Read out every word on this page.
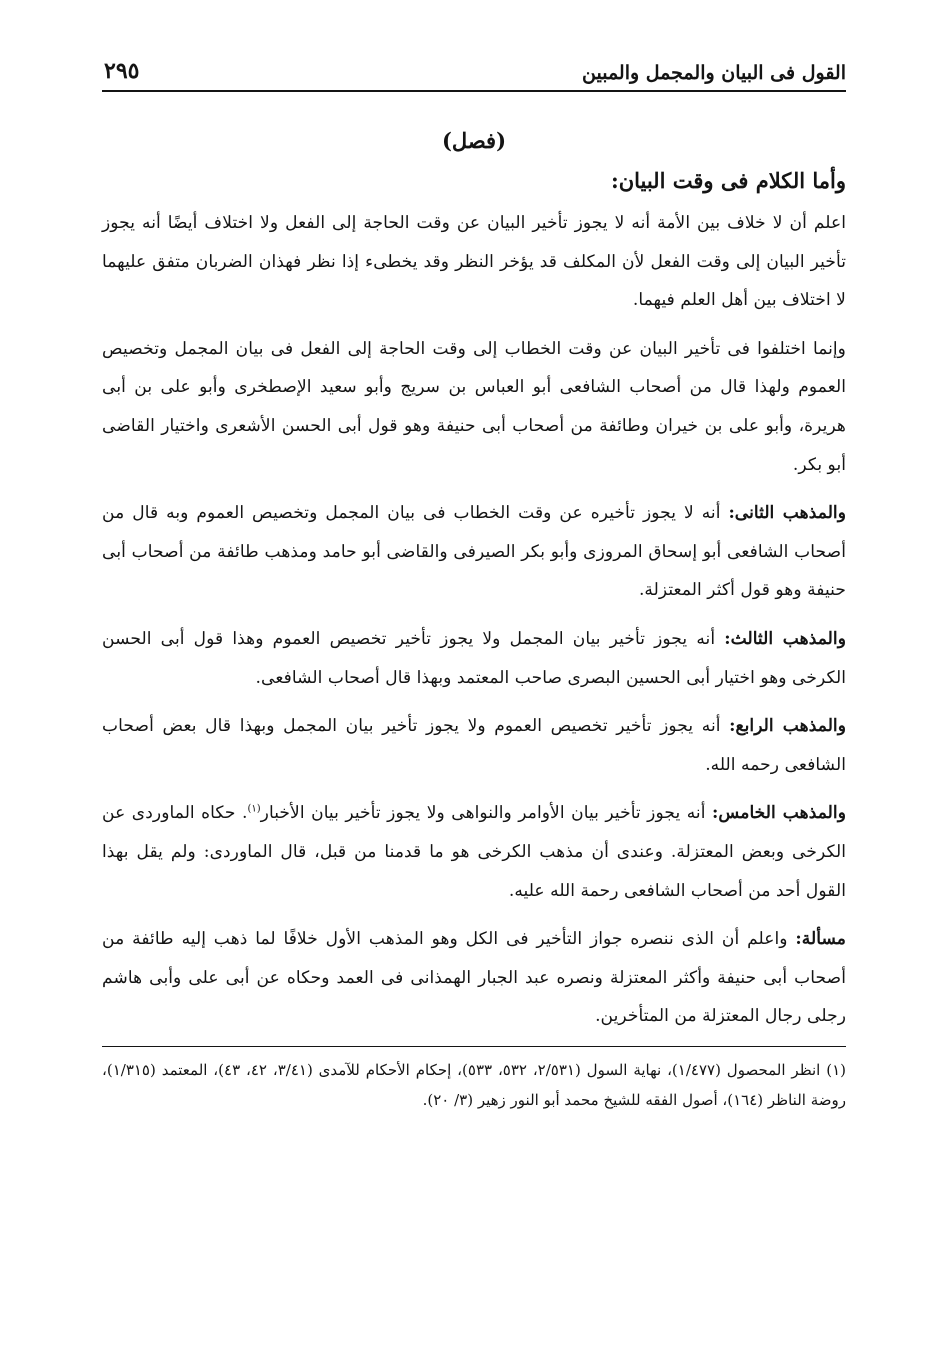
القول فى البيان والمجمل والمبين
٢٩٥
(فصل)
وأما الكلام فى وقت البيان:

اعلم أن لا خلاف بين الأمة أنه لا يجوز تأخير البيان عن وقت الحاجة إلى الفعل ولا اختلاف أيضًا أنه يجوز تأخير البيان إلى وقت الفعل لأن المكلف قد يؤخر النظر وقد يخطىء إذا نظر فهذان الضربان متفق عليهما لا اختلاف بين أهل العلم فيهما.

وإنما اختلفوا فى تأخير البيان عن وقت الخطاب إلى وقت الحاجة إلى الفعل فى بيان المجمل وتخصيص العموم ولهذا قال من أصحاب الشافعى أبو العباس بن سريج وأبو سعيد الإصطخرى وأبو على بن أبى هريرة، وأبو على بن خيران وطائفة من أصحاب أبى حنيفة وهو قول أبى الحسن الأشعرى واختيار القاضى أبو بكر.

والمذهب الثانى: أنه لا يجوز تأخيره عن وقت الخطاب فى بيان المجمل وتخصيص العموم وبه قال من أصحاب الشافعى أبو إسحاق المروزى وأبو بكر الصيرفى والقاضى أبو حامد ومذهب طائفة من أصحاب أبى حنيفة وهو قول أكثر المعتزلة.

والمذهب الثالث: أنه يجوز تأخير بيان المجمل ولا يجوز تأخير تخصيص العموم وهذا قول أبى الحسن الكرخى وهو اختيار أبى الحسين البصرى صاحب المعتمد وبهذا قال أصحاب الشافعى.

والمذهب الرابع: أنه يجوز تأخير تخصيص العموم ولا يجوز تأخير بيان المجمل وبهذا قال بعض أصحاب الشافعى رحمه الله.

والمذهب الخامس: أنه يجوز تأخير بيان الأوامر والنواهى ولا يجوز تأخير بيان الأخبار$^{(١)}$. حكاه الماوردى عن الكرخى وبعض المعتزلة. وعندى أن مذهب الكرخى هو ما قدمنا من قبل، قال الماوردى: ولم يقل بهذا القول أحد من أصحاب الشافعى رحمة الله عليه.

مسألة: واعلم أن الذى ننصره جواز التأخير فى الكل وهو المذهب الأول خلافًا لما ذهب إليه طائفة من أصحاب أبى حنيفة وأكثر المعتزلة ونصره عبد الجبار الهمذانى فى العمد وحكاه عن أبى على وأبى هاشم رجلى رجال المعتزلة من المتأخرين.

(١) انظر المحصول (١/٤٧٧)، نهاية السول (٢/٥٣١، ٥٣٢، ٥٣٣)، إحكام الأحكام للآمدى (٣/٤١، ٤٢، ٤٣)، المعتمد (١/٣١٥)، روضة الناظر (١٦٤)، أصول الفقه للشيخ محمد أبو النور زهير (٣/ ٢٠).
